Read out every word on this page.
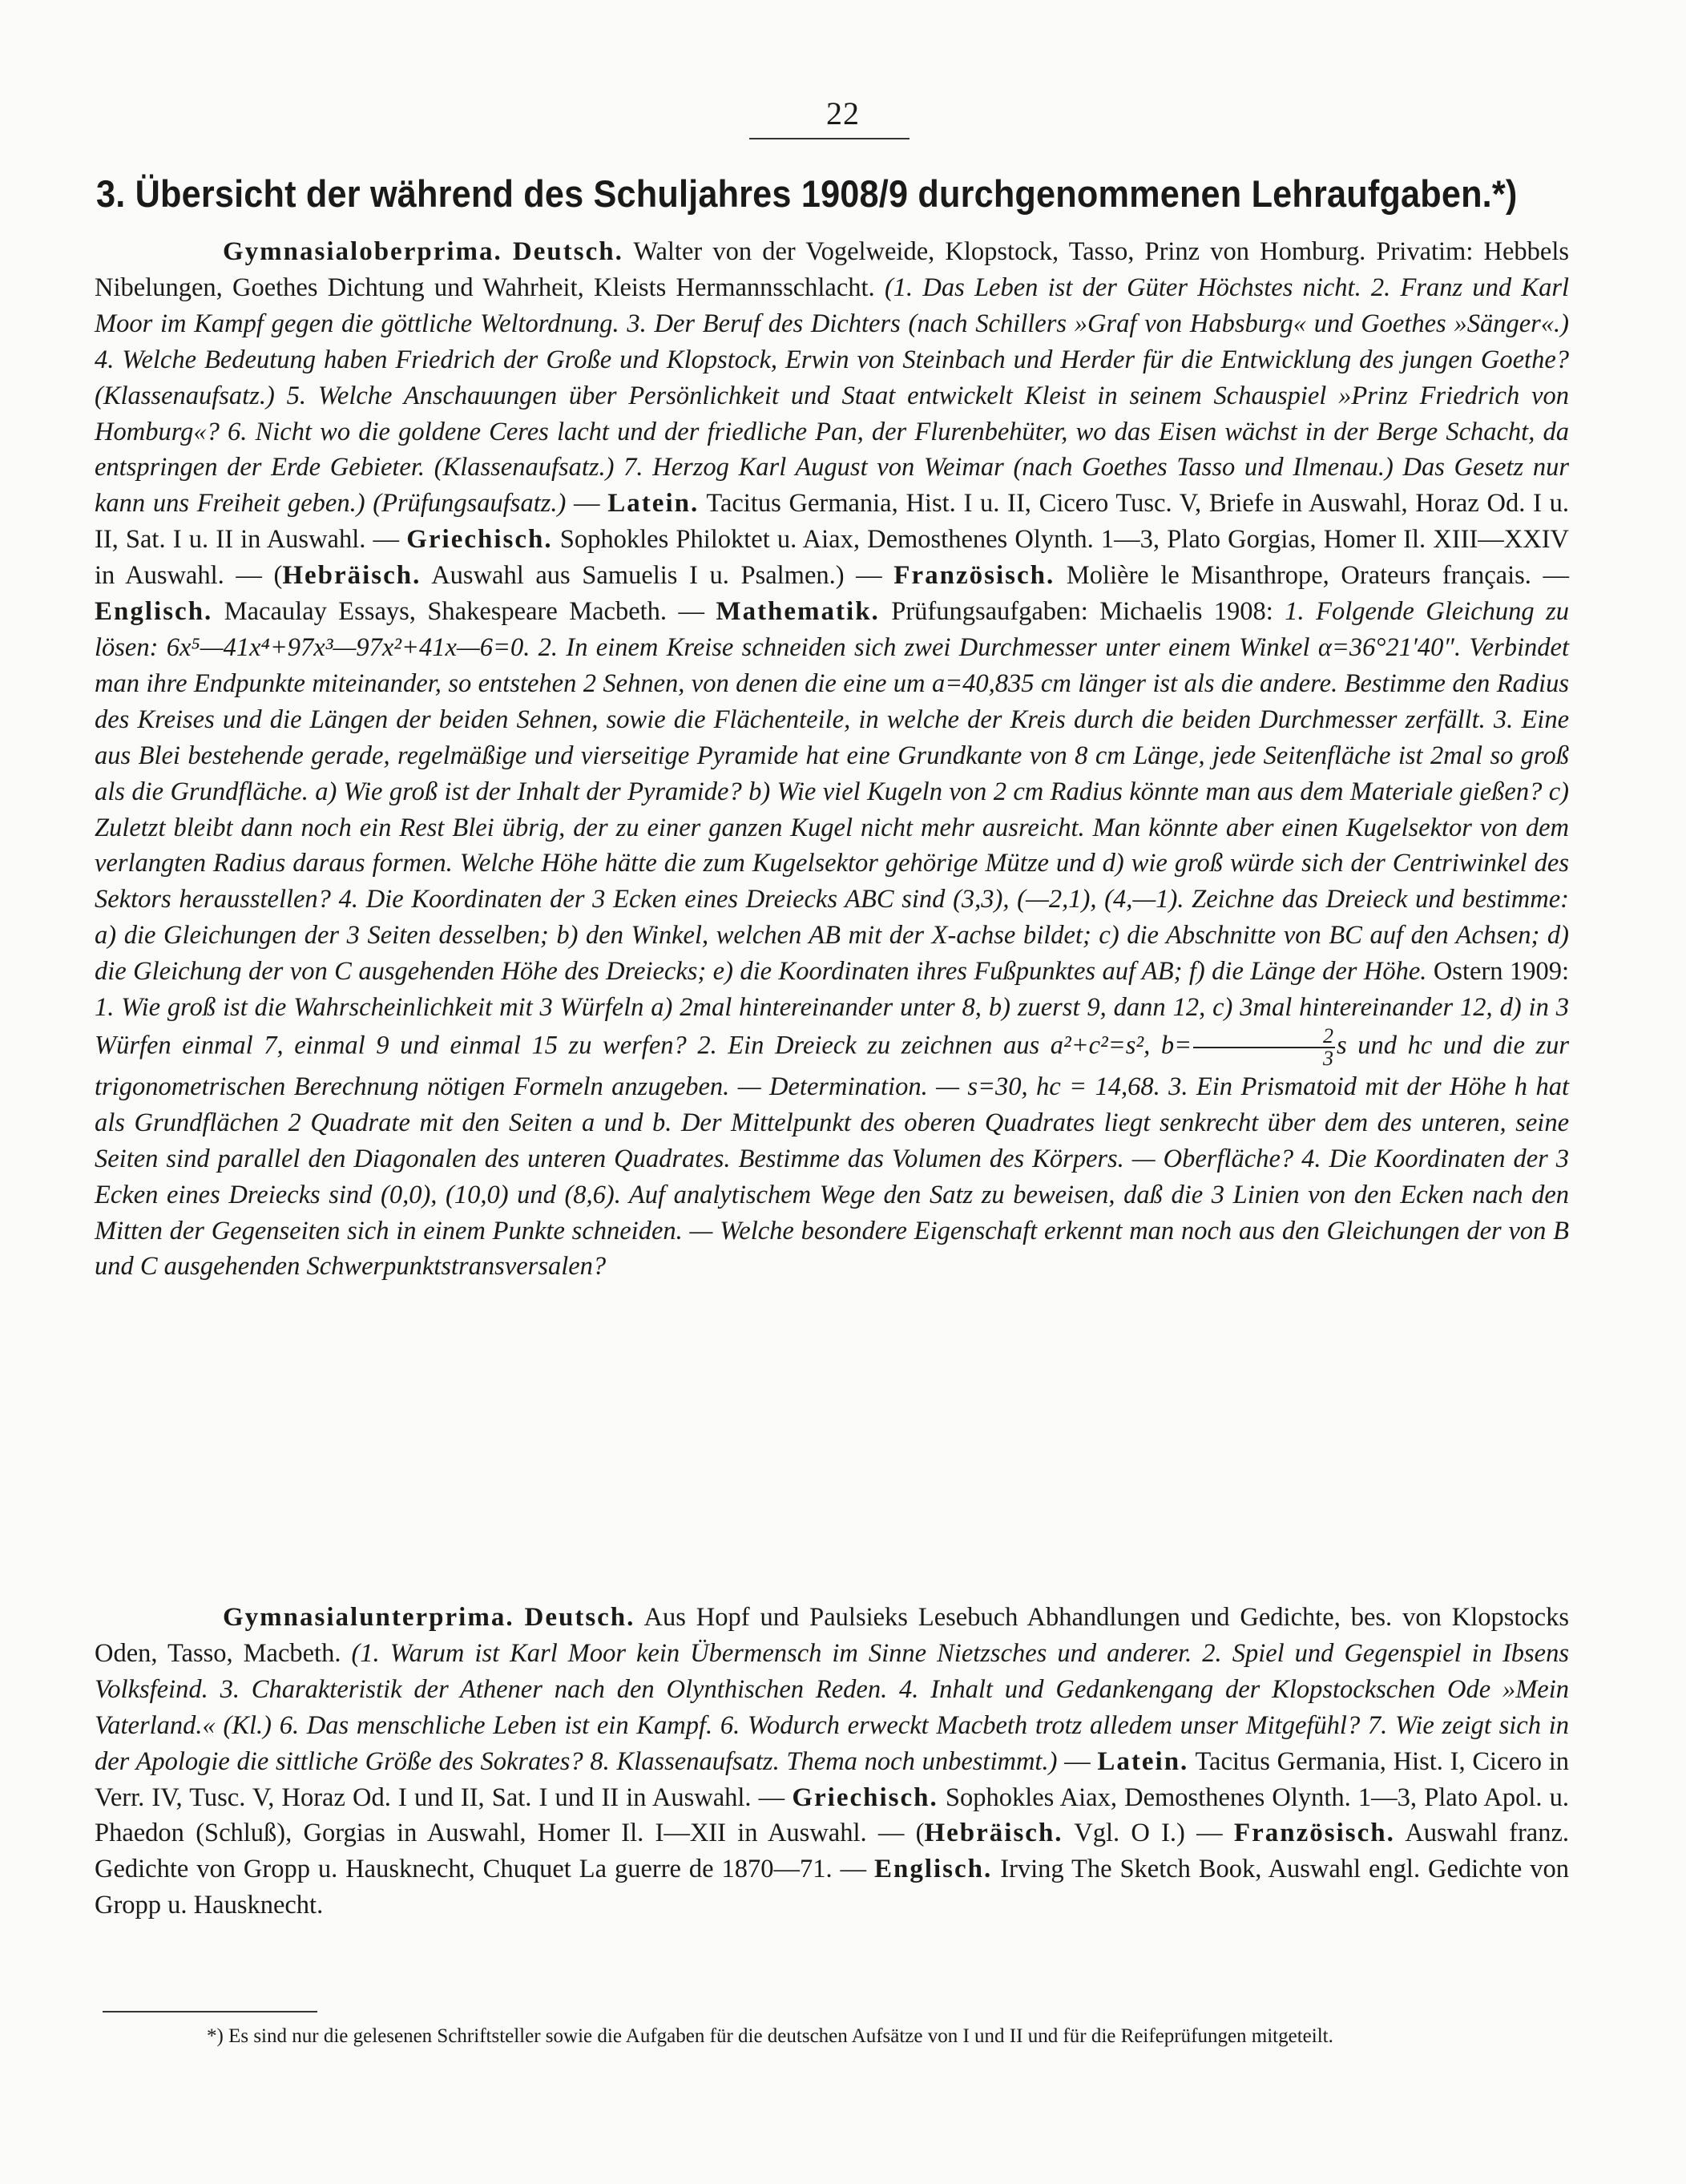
22
3. Übersicht der während des Schuljahres 1908/9 durchgenommenen Lehraufgaben.*)

Gymnasialoberprima. Deutsch. Walter von der Vogelweide, Klopstock, Tasso, Prinz von Homburg. Privatim: Hebbels Nibelungen, Goethes Dichtung und Wahrheit, Kleists Hermannsschlacht. (1. Das Leben ist der Güter Höchstes nicht. 2. Franz und Karl Moor im Kampf gegen die göttliche Weltordnung. 3. Der Beruf des Dichters (nach Schillers »Graf von Habsburg« und Goethes »Sänger«.) 4. Welche Bedeutung haben Friedrich der Große und Klopstock, Erwin von Steinbach und Herder für die Entwicklung des jungen Goethe? (Klassenaufsatz.) 5. Welche Anschauungen über Persönlichkeit und Staat entwickelt Kleist in seinem Schauspiel »Prinz Friedrich von Homburg«? 6. Nicht wo die goldene Ceres lacht und der friedliche Pan, der Flurenbehüter, wo das Eisen wächst in der Berge Schacht, da entspringen der Erde Gebieter. (Klassenaufsatz.) 7. Herzog Karl August von Weimar (nach Goethes Tasso und Ilmenau.) Das Gesetz nur kann uns Freiheit geben.) (Prüfungsaufsatz.) — Latein. Tacitus Germania, Hist. I u. II, Cicero Tusc. V, Briefe in Auswahl, Horaz Od. I u. II, Sat. I u. II in Auswahl. — Griechisch. Sophokles Philoktet u. Aiax, Demosthenes Olynth. 1—3, Plato Gorgias, Homer Il. XIII—XXIV in Auswahl. — (Hebräisch. Auswahl aus Samuelis I u. Psalmen.) — Französisch. Molière le Misanthrope, Orateurs français. — Englisch. Macaulay Essays, Shakespeare Macbeth. — Mathematik. Prüfungsaufgaben: Michaelis 1908: 1. Folgende Gleichung zu lösen: 6x⁵—41x⁴+97x³—97x²+41x—6=0. 2. In einem Kreise schneiden sich zwei Durchmesser unter einem Winkel α=36°21′40″. Verbindet man ihre Endpunkte miteinander, so entstehen 2 Sehnen, von denen die eine um a=40,835 cm länger ist als die andere. Bestimme den Radius des Kreises und die Längen der beiden Sehnen, sowie die Flächenteile, in welche der Kreis durch die beiden Durchmesser zerfällt. 3. Eine aus Blei bestehende gerade, regelmäßige und vierseitige Pyramide hat eine Grundkante von 8 cm Länge, jede Seitenfläche ist 2mal so groß als die Grundfläche. a) Wie groß ist der Inhalt der Pyramide? b) Wie viel Kugeln von 2 cm Radius könnte man aus dem Materiale gießen? c) Zuletzt bleibt dann noch ein Rest Blei übrig, der zu einer ganzen Kugel nicht mehr ausreicht. Man könnte aber einen Kugelsektor von dem verlangten Radius daraus formen. Welche Höhe hätte die zum Kugelsektor gehörige Mütze und d) wie groß würde sich der Centriwinkel des Sektors herausstellen? 4. Die Koordinaten der 3 Ecken eines Dreiecks ABC sind (3,3), (—2,1), (4,—1). Zeichne das Dreieck und bestimme: a) die Gleichungen der 3 Seiten desselben; b) den Winkel, welchen AB mit der X-achse bildet; c) die Abschnitte von BC auf den Achsen; d) die Gleichung der von C ausgehenden Höhe des Dreiecks; e) die Koordinaten ihres Fußpunktes auf AB; f) die Länge der Höhe. Ostern 1909: 1. Wie groß ist die Wahrscheinlichkeit mit 3 Würfeln a) 2mal hintereinander unter 8, b) zuerst 9, dann 12, c) 3mal hintereinander 12, d) in 3 Würfen einmal 7, einmal 9 und einmal 15 zu werfen? 2. Ein Dreieck zu zeichnen aus a²+c²=s², $b= \frac{2}{3}$ s und hc und die zur trigonometrischen Berechnung nötigen Formeln anzugeben. — Determination. — s=30, hc = 14,68. 3. Ein Prismatoid mit der Höhe h hat als Grundflächen 2 Quadrate mit den Seiten a und b. Der Mittelpunkt des oberen Quadrates liegt senkrecht über dem des unteren, seine Seiten sind parallel den Diagonalen des unteren Quadrates. Bestimme das Volumen des Körpers. — Oberfläche? 4. Die Koordinaten der 3 Ecken eines Dreiecks sind (0,0), (10,0) und (8,6). Auf analytischem Wege den Satz zu beweisen, daß die 3 Linien von den Ecken nach den Mitten der Gegenseiten sich in einem Punkte schneiden. — Welche besondere Eigenschaft erkennt man noch aus den Gleichungen der von B und C ausgehenden Schwerpunktstransversalen?

Gymnasialunterprima. Deutsch. Aus Hopf und Paulsieks Lesebuch Abhandlungen und Gedichte, bes. von Klopstocks Oden, Tasso, Macbeth. (1. Warum ist Karl Moor kein Übermensch im Sinne Nietzsches und anderer. 2. Spiel und Gegenspiel in Ibsens Volksfeind. 3. Charakteristik der Athener nach den Olynthischen Reden. 4. Inhalt und Gedankengang der Klopstockschen Ode »Mein Vaterland.« (Kl.) 6. Das menschliche Leben ist ein Kampf. 6. Wodurch erweckt Macbeth trotz alledem unser Mitgefühl? 7. Wie zeigt sich in der Apologie die sittliche Größe des Sokrates? 8. Klassenaufsatz. Thema noch unbestimmt.) — Latein. Tacitus Germania, Hist. I, Cicero in Verr. IV, Tusc. V, Horaz Od. I und II, Sat. I und II in Auswahl. — Griechisch. Sophokles Aiax, Demosthenes Olynth. 1—3, Plato Apol. u. Phaedon (Schluß), Gorgias in Auswahl, Homer Il. I—XII in Auswahl. — (Hebräisch. Vgl. O I.) — Französisch. Auswahl franz. Gedichte von Gropp u. Hausknecht, Chuquet La guerre de 1870—71. — Englisch. Irving The Sketch Book, Auswahl engl. Gedichte von Gropp u. Hausknecht.

*) Es sind nur die gelesenen Schriftsteller sowie die Aufgaben für die deutschen Aufsätze von I und II und für die Reifeprüfungen mitgeteilt.
